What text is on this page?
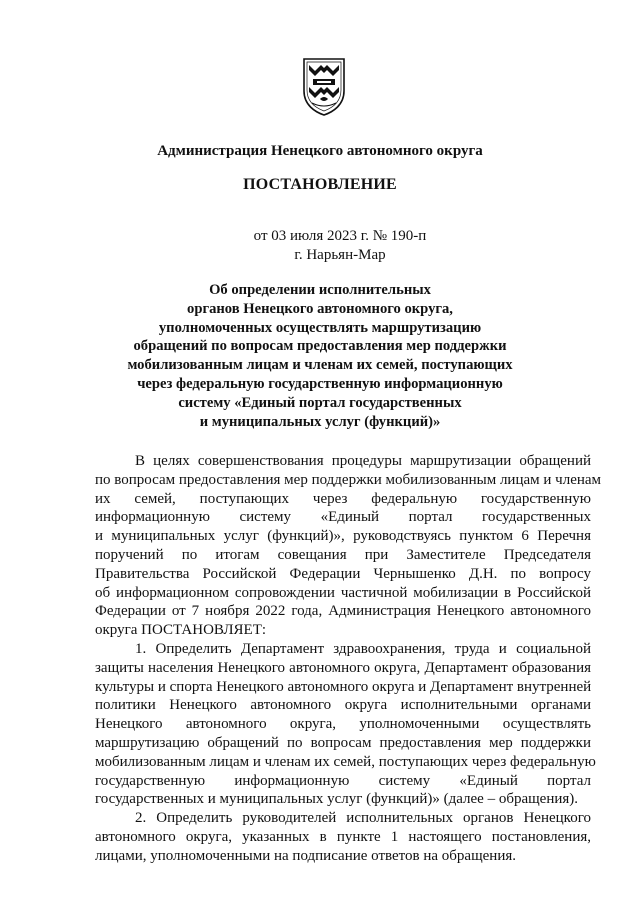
Администрация Ненецкого автономного округа
ПОСТАНОВЛЕНИЕ
от 03 июля 2023 г. № 190-п
г. Нарьян-Мар
Об определении исполнительных
органов Ненецкого автономного округа,
уполномоченных осуществлять маршрутизацию
обращений по вопросам предоставления мер поддержки
мобилизованным лицам и членам их семей, поступающих
через федеральную государственную информационную
систему «Единый портал государственных
и муниципальных услуг (функций)»
В целях совершенствования процедуры маршрутизации обращений
по вопросам предоставления мер поддержки мобилизованным лицам и членам
их семей, поступающих через федеральную государственную
информационную систему «Единый портал государственных
и муниципальных услуг (функций)», руководствуясь пунктом 6 Перечня
поручений по итогам совещания при Заместителе Председателя
Правительства Российской Федерации Чернышенко Д.Н. по вопросу
об информационном сопровождении частичной мобилизации в Российской
Федерации от 7 ноября 2022 года, Администрация Ненецкого автономного
округа ПОСТАНОВЛЯЕТ:
1. Определить Департамент здравоохранения, труда и социальной
защиты населения Ненецкого автономного округа, Департамент образования
культуры и спорта Ненецкого автономного округа и Департамент внутренней
политики Ненецкого автономного округа исполнительными органами
Ненецкого автономного округа, уполномоченными осуществлять
маршрутизацию обращений по вопросам предоставления мер поддержки
мобилизованным лицам и членам их семей, поступающих через федеральную
государственную информационную систему «Единый портал
государственных и муниципальных услуг (функций)» (далее – обращения).
2. Определить руководителей исполнительных органов Ненецкого
автономного округа, указанных в пункте 1 настоящего постановления,
лицами, уполномоченными на подписание ответов на обращения.
